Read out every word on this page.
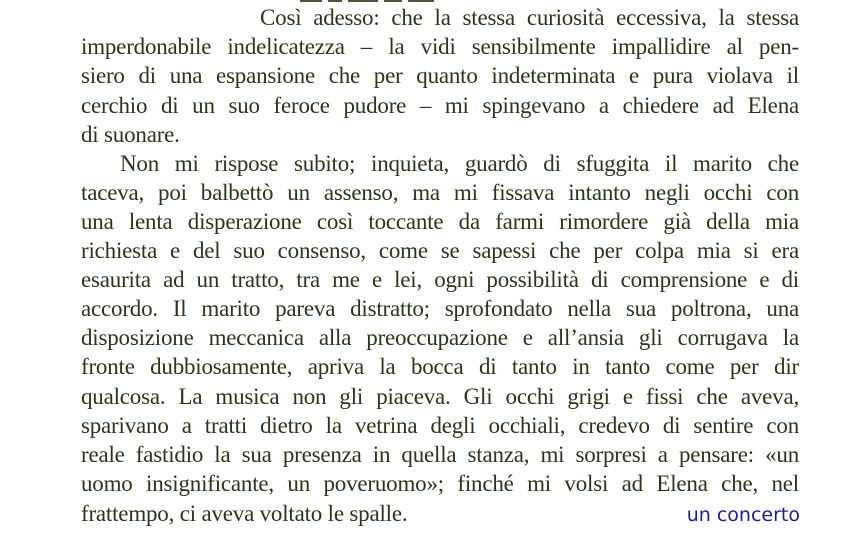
Così adesso: che la stessa curiosità eccessiva, la stessa
imperdonabile indelicatezza – la vidi sensibilmente impallidire al pen-
siero di una espansione che per quanto indeterminata e pura violava il
cerchio di un suo feroce pudore – mi spingevano a chiedere ad Elena
di suonare.
Non mi rispose subito; inquieta, guardò di sfuggita il marito che
taceva, poi balbettò un assenso, ma mi fissava intanto negli occhi con
una lenta disperazione così toccante da farmi rimordere già della mia
richiesta e del suo consenso, come se sapessi che per colpa mia si era
esaurita ad un tratto, tra me e lei, ogni possibilità di comprensione e di
accordo. Il marito pareva distratto; sprofondato nella sua poltrona, una
disposizione meccanica alla preoccupazione e all’ansia gli corrugava la
fronte dubbiosamente, apriva la bocca di tanto in tanto come per dir
qualcosa. La musica non gli piaceva. Gli occhi grigi e fissi che aveva,
sparivano a tratti dietro la vetrina degli occhiali, credevo di sentire con
reale fastidio la sua presenza in quella stanza, mi sorpresi a pensare: «un
uomo insignificante, un poveruomo»; finché mi volsi ad Elena che, nel
frattempo, ci aveva voltato le spalle.	un concerto
